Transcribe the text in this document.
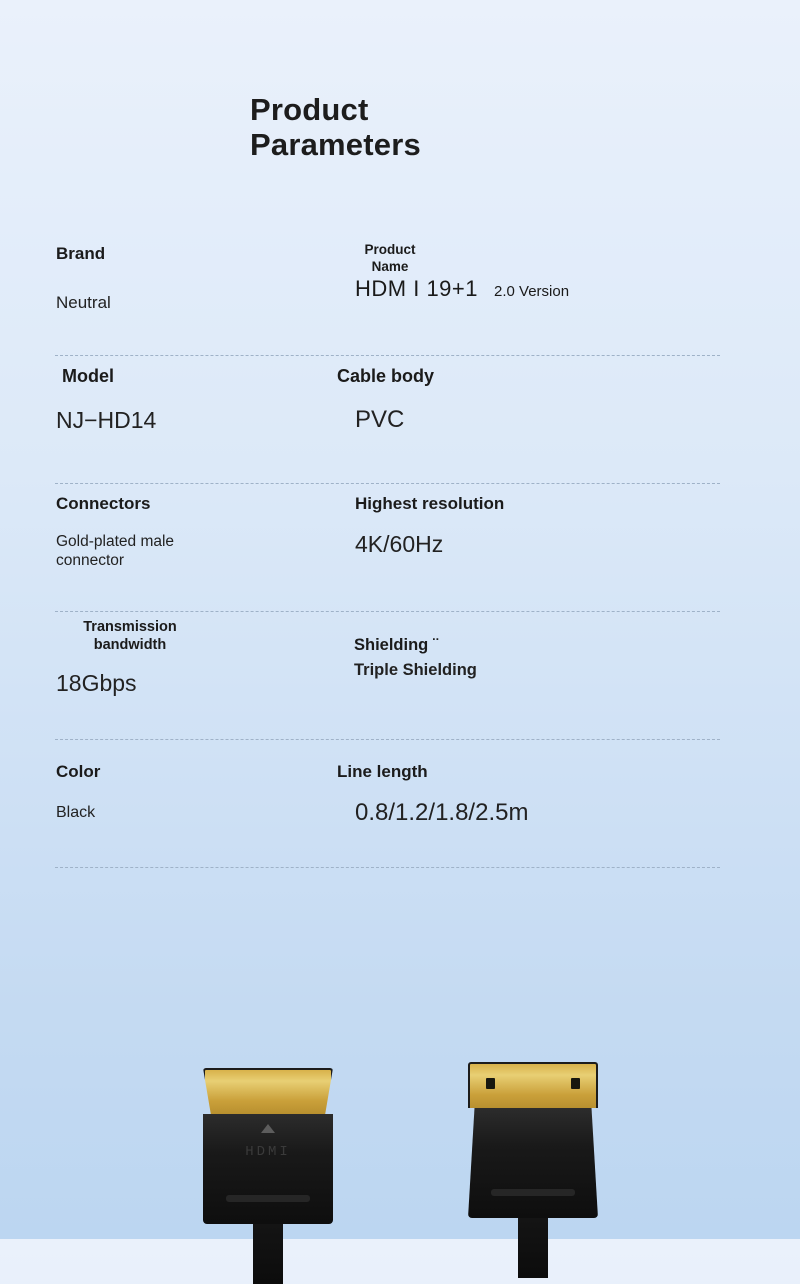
Product
Parameters
Brand
Neutral
Product Name
HDM I 19+1 2.0 Version
Model
NJ−HD14
Cable body
PVC
Connectors
Gold-plated male connector
Highest resolution
4K/60Hz
Transmission bandwidth
18Gbps
Shielding ¨
Triple Shielding
Color
Black
Line length
0.8/1.2/1.8/2.5m
HDMI
